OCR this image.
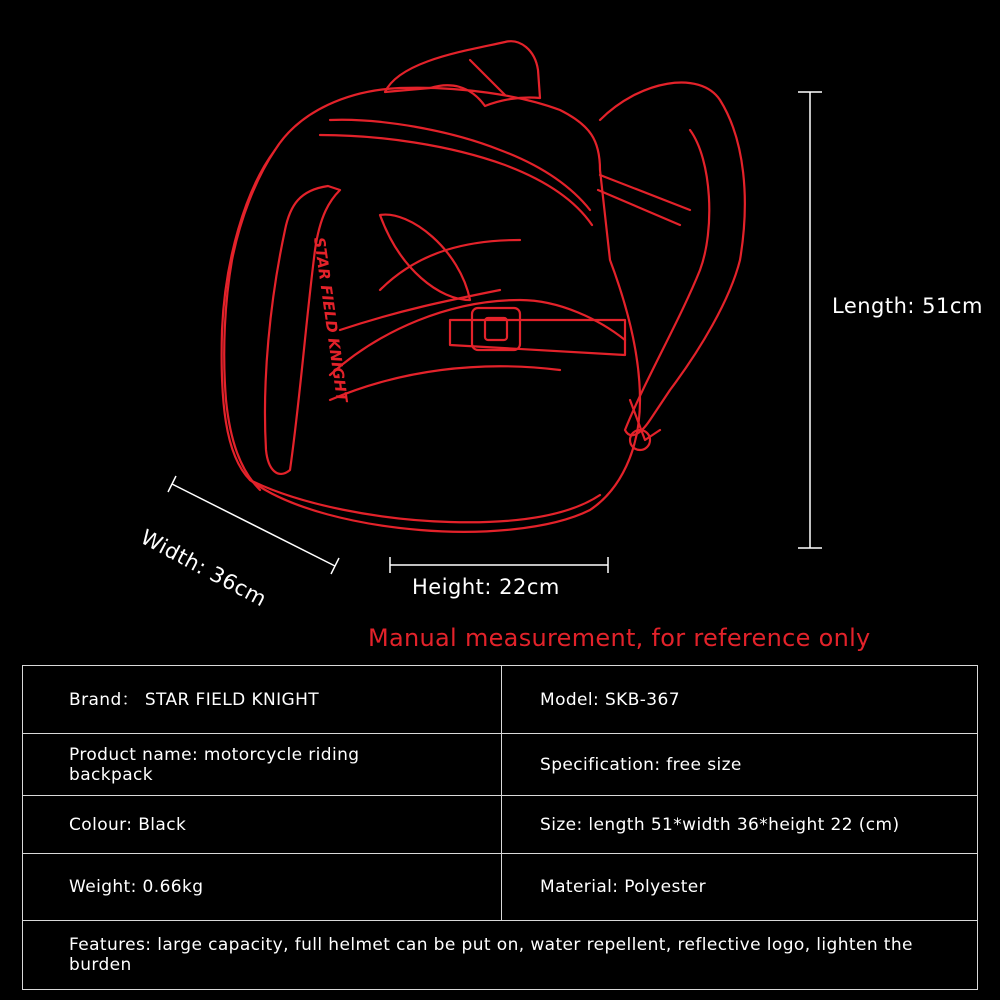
STAR FIELD KNIGHT	Length: 51cm
Height: 22cm
Width: 36cm
Manual measurement, for reference only
Brand： STAR FIELD KNIGHT	Model: SKB-367
Product name: motorcycle riding backpack	Specification: free size
Colour: Black	Size: length 51*width 36*height 22 (cm)
Weight: 0.66kg	Material: Polyester
Features: large capacity, full helmet can be put on, water repellent, reflective logo, lighten the burden
